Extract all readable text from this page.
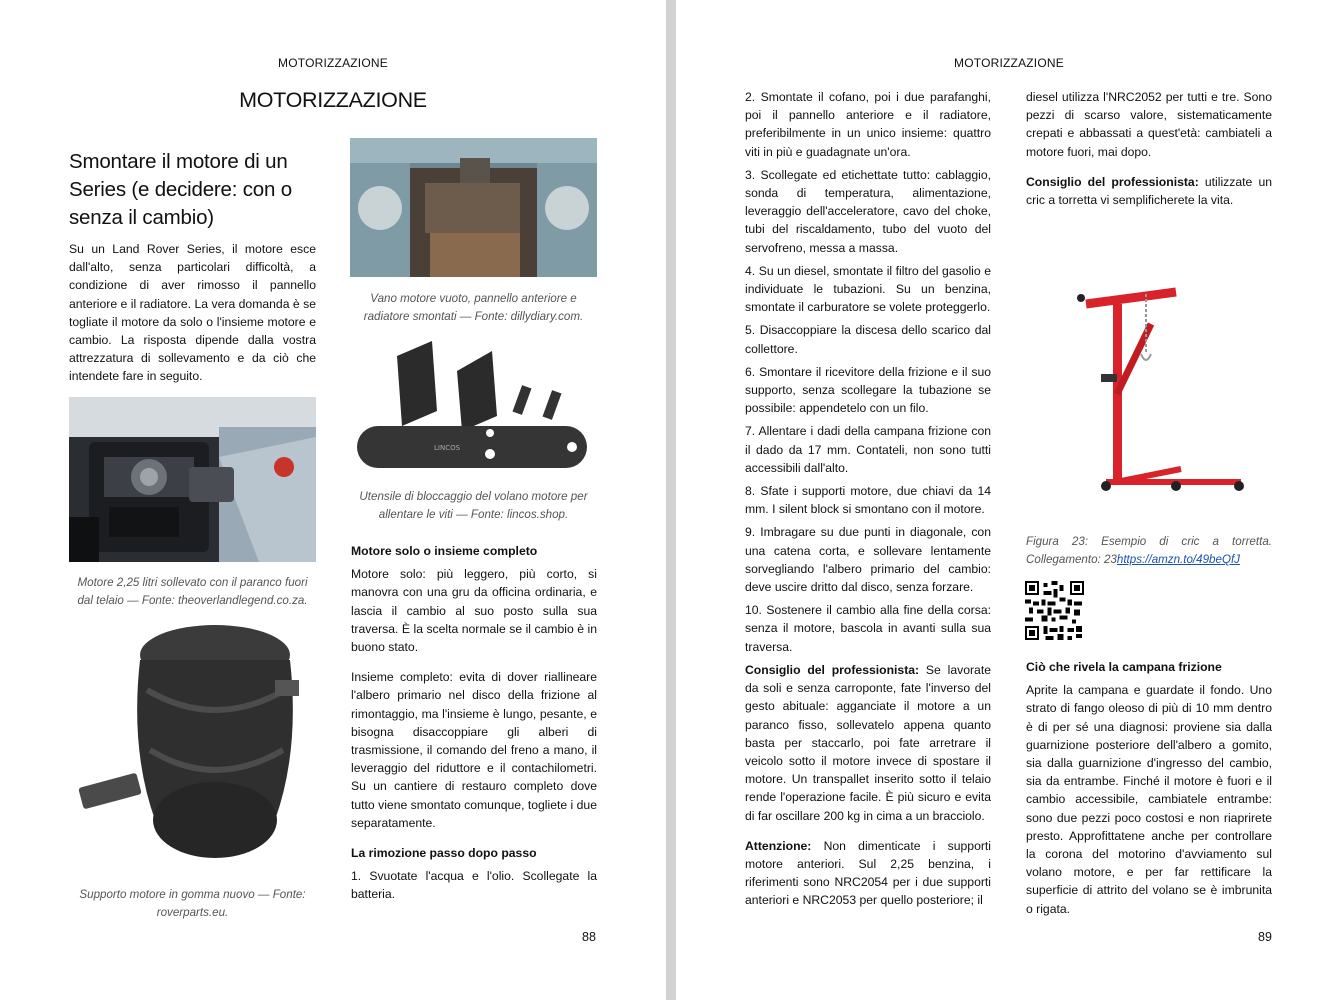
MOTORIZZAZIONE
MOTORIZZAZIONE
Smontare il motore di un Series (e decidere: con o senza il cambio)

Su un Land Rover Series, il motore esce dall'alto, senza particolari difficoltà, a condizione di aver rimosso il pannello anteriore e il radiatore. La vera domanda è se togliate il motore da solo o l'insieme motore e cambio. La risposta dipende dalla vostra attrezzatura di sollevamento e da ciò che intendete fare in seguito.

Motore 2,25 litri sollevato con il paranco fuori dal telaio — Fonte: theoverlandlegend.co.za.
Supporto motore in gomma nuovo — Fonte: roverparts.eu.
Vano motore vuoto, pannello anteriore e radiatore smontati — Fonte: dillydiary.com.
LINCOS
Utensile di bloccaggio del volano motore per allentare le viti — Fonte: lincos.shop.

Motore solo o insieme completo

Motore solo: più leggero, più corto, si manovra con una gru da officina ordinaria, e lascia il cambio al suo posto sulla sua traversa. È la scelta normale se il cambio è in buono stato.

Insieme completo: evita di dover riallineare l'albero primario nel disco della frizione al rimontaggio, ma l'insieme è lungo, pesante, e bisogna disaccoppiare gli alberi di trasmissione, il comando del freno a mano, il leveraggio del riduttore e il contachilometri. Su un cantiere di restauro completo dove tutto viene smontato comunque, togliete i due separatamente.

La rimozione passo dopo passo

1. Svuotate l'acqua e l'olio. Scollegate la batteria.

88
MOTORIZZAZIONE

2. Smontate il cofano, poi i due parafanghi, poi il pannello anteriore e il radiatore, preferibilmente in un unico insieme: quattro viti in più e guadagnate un'ora.

3. Scollegate ed etichettate tutto: cablaggio, sonda di temperatura, alimentazione, leveraggio dell'acceleratore, cavo del choke, tubi del riscaldamento, tubo del vuoto del servofreno, messa a massa.

4. Su un diesel, smontate il filtro del gasolio e individuate le tubazioni. Su un benzina, smontate il carburatore se volete proteggerlo.

5. Disaccoppiare la discesa dello scarico dal collettore.

6. Smontare il ricevitore della frizione e il suo supporto, senza scollegare la tubazione se possibile: appendetelo con un filo.

7. Allentare i dadi della campana frizione con il dado da 17 mm. Contateli, non sono tutti accessibili dall'alto.

8. Sfate i supporti motore, due chiavi da 14 mm. I silent block si smontano con il motore.

9. Imbragare su due punti in diagonale, con una catena corta, e sollevare lentamente sorvegliando l'albero primario del cambio: deve uscire dritto dal disco, senza forzare.

10. Sostenere il cambio alla fine della corsa: senza il motore, bascola in avanti sulla sua traversa.

Consiglio del professionista: Se lavorate da soli e senza carroponte, fate l'inverso del gesto abituale: agganciate il motore a un paranco fisso, sollevatelo appena quanto basta per staccarlo, poi fate arretrare il veicolo sotto il motore invece di spostare il motore. Un transpallet inserito sotto il telaio rende l'operazione facile. È più sicuro e evita di far oscillare 200 kg in cima a un bracciolo.

Attenzione: Non dimenticate i supporti motore anteriori. Sul 2,25 benzina, i riferimenti sono NRC2054 per i due supporti anteriori e NRC2053 per quello posteriore; il

diesel utilizza l'NRC2052 per tutti e tre. Sono pezzi di scarso valore, sistematicamente crepati e abbassati a quest'età: cambiateli a motore fuori, mai dopo.

Consiglio del professionista: utilizzate un cric a torretta vi semplificherete la vita.

Figura 23: Esempio di cric a torretta. Collegamento: 23https://amzn.to/49beQfJ

Ciò che rivela la campana frizione

Aprite la campana e guardate il fondo. Uno strato di fango oleoso di più di 10 mm dentro è di per sé una diagnosi: proviene sia dalla guarnizione posteriore dell'albero a gomito, sia dalla guarnizione d'ingresso del cambio, sia da entrambe. Finché il motore è fuori e il cambio accessibile, cambiatele entrambe: sono due pezzi poco costosi e non riaprirete presto. Approfittatene anche per controllare la corona del motorino d'avviamento sul volano motore, e per far rettificare la superficie di attrito del volano se è imbrunita o rigata.

89
